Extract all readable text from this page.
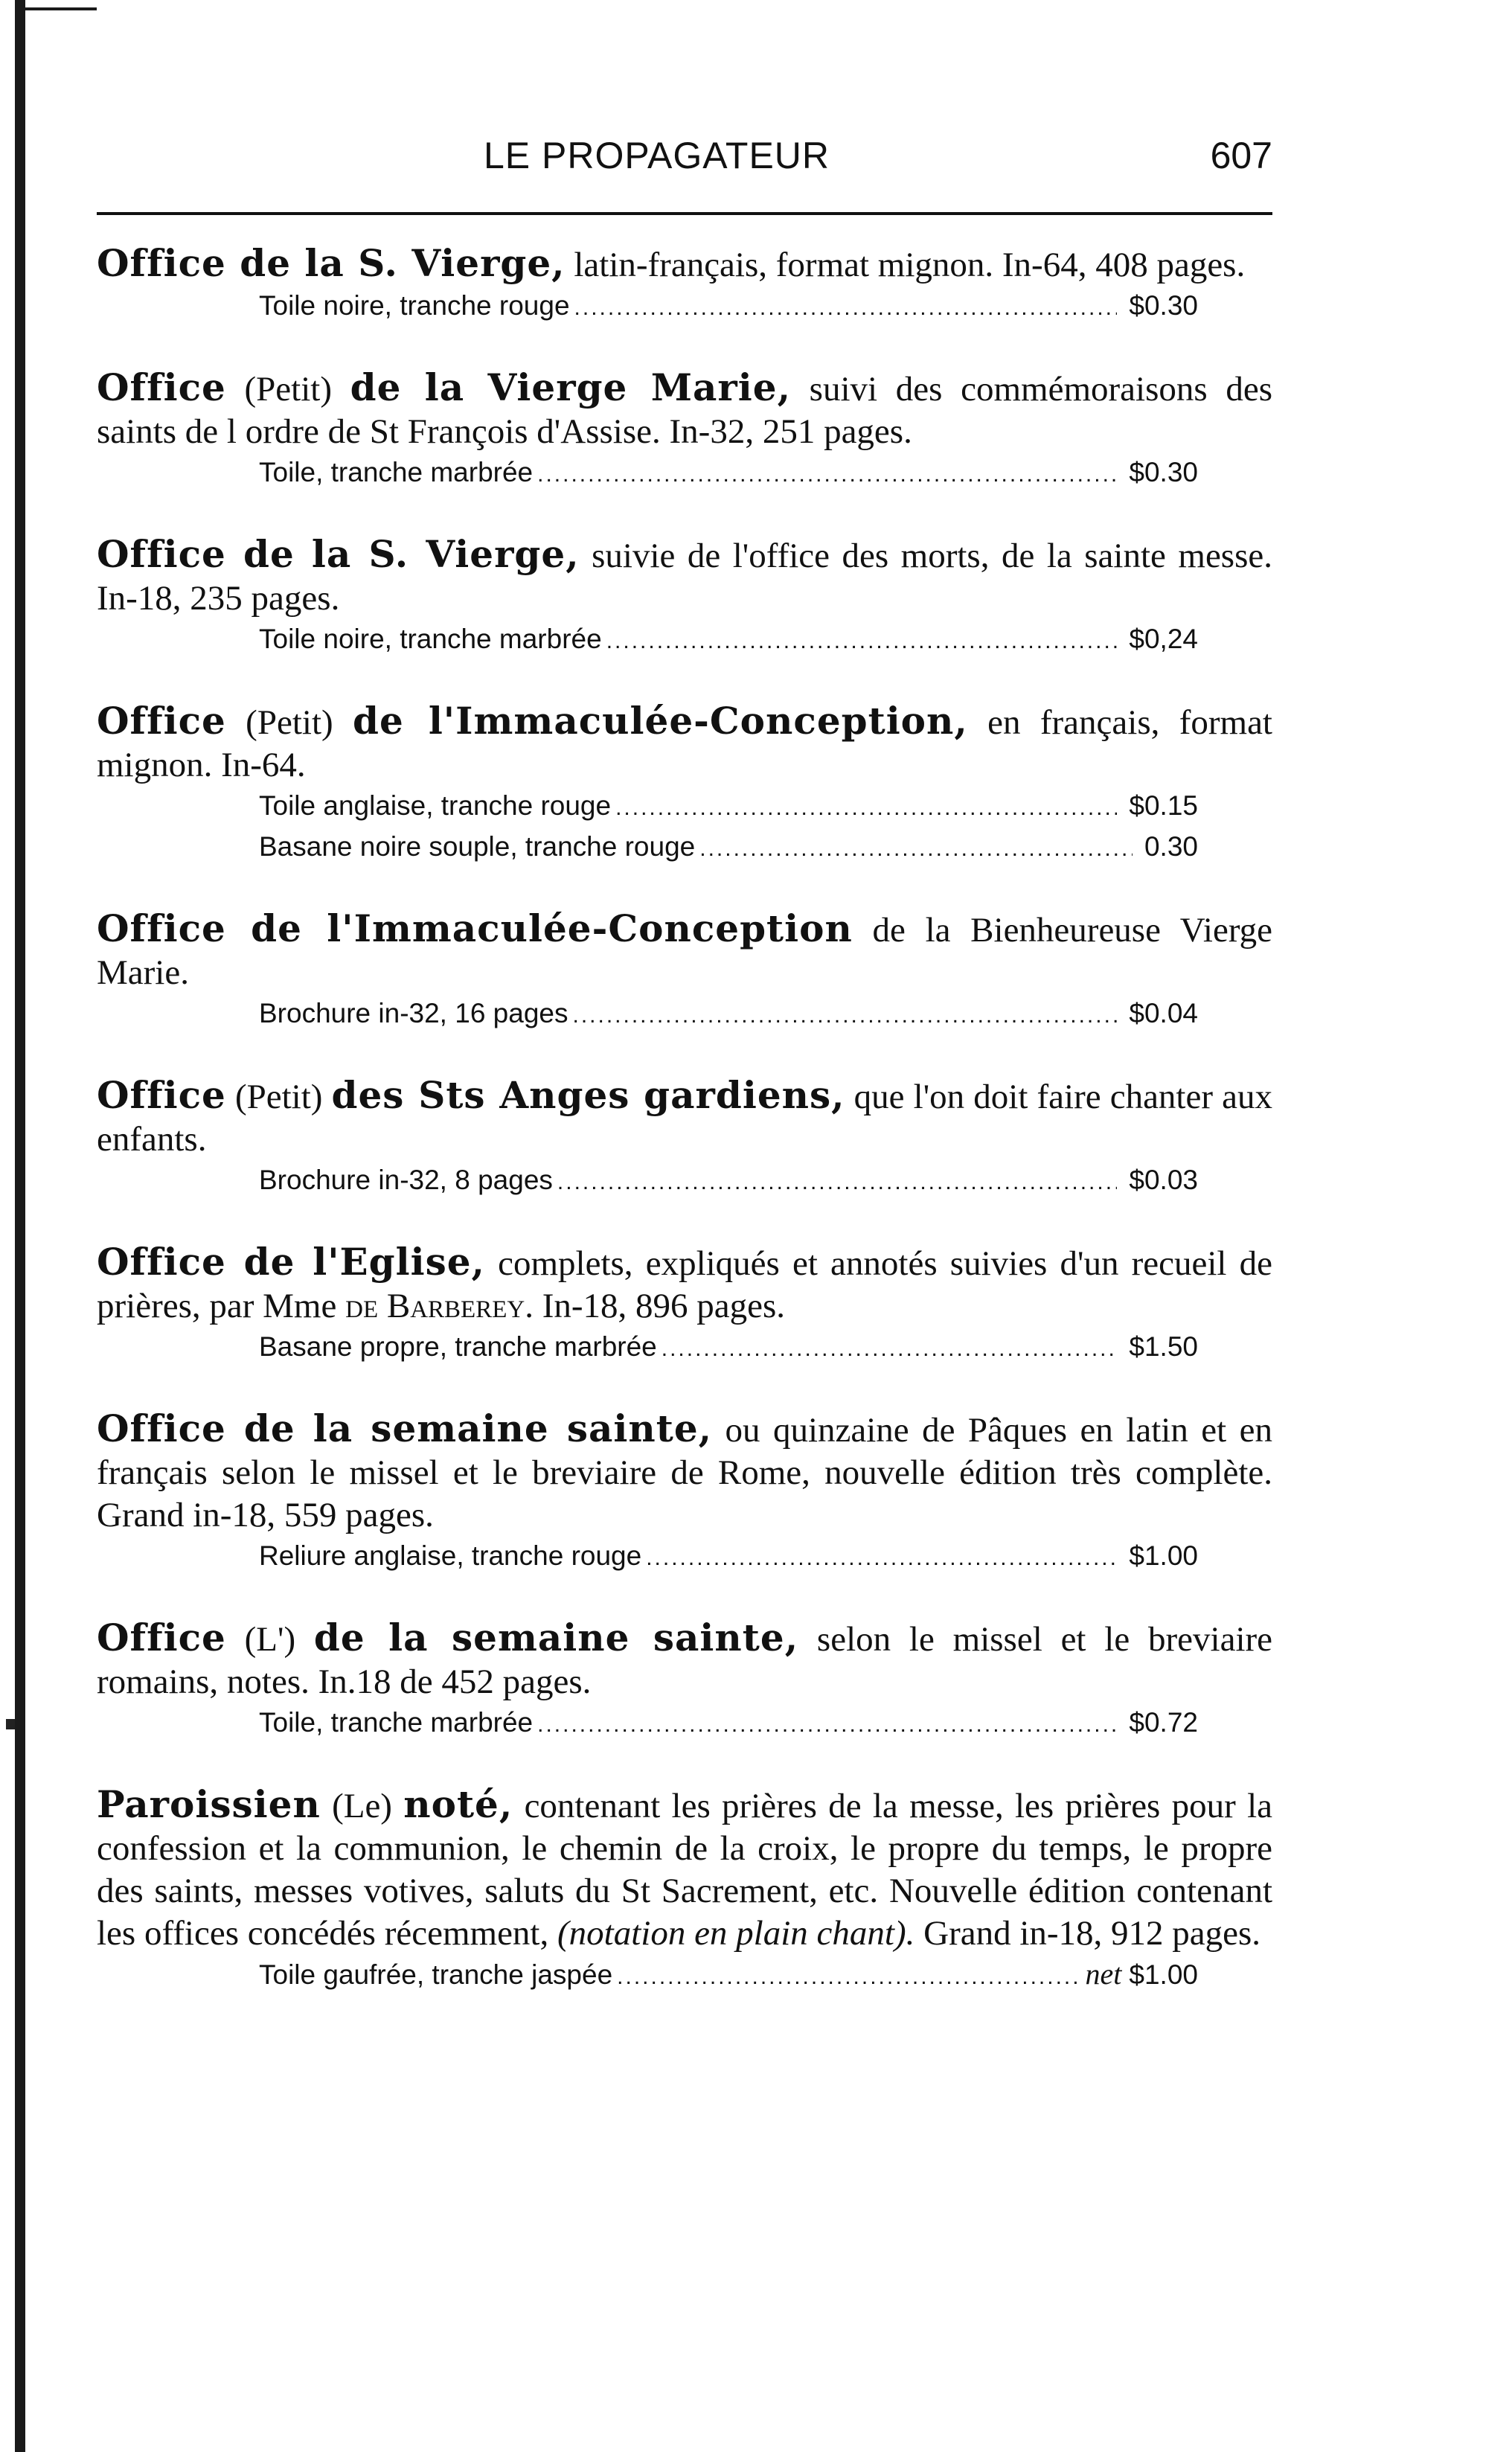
LE PROPAGATEUR	607
Office de la S. Vierge, latin-français, format mignon. In-64, 408 pages.
Toile noire, tranche rouge .....	$0.30
Office (Petit) de la Vierge Marie, suivi des commémoraisons des saints de l ordre de St François d'Assise. In-32, 251 pages.
Toile, tranche marbrée .....	$0.30
Office de la S. Vierge, suivie de l'office des morts, de la sainte messe. In-18, 235 pages.
Toile noire, tranche marbrée .....	$0,24
Office (Petit) de l'Immaculée-Conception, en français, format mignon. In-64.
Toile anglaise, tranche rouge .....	$0.15
Basane noire souple, tranche rouge .....	0.30
Office de l'Immaculée-Conception de la Bienheureuse Vierge Marie.
Brochure in-32, 16 pages .....	$0.04
Office (Petit) des Sts Anges gardiens, que l'on doit faire chanter aux enfants.
Brochure in-32, 8 pages .....	$0.03
Office de l'Eglise, complets, expliqués et annotés suivies d'un recueil de prières, par Mme de Barberey. In-18, 896 pages.
Basane propre, tranche marbrée .....	$1.50
Office de la semaine sainte, ou quinzaine de Pâques en latin et en français selon le missel et le breviaire de Rome, nouvelle édition très complète. Grand in-18, 559 pages.
Reliure anglaise, tranche rouge .....	$1.00
Office (L') de la semaine sainte, selon le missel et le breviaire romains, notes. In.18 de 452 pages.
Toile, tranche marbrée .....	$0.72
Paroissien (Le) noté, contenant les prières de la messe, les prières pour la confession et la communion, le chemin de la croix, le propre du temps, le propre des saints, messes votives, saluts du St Sacrement, etc. Nouvelle édition contenant les offices concédés récemment, (notation en plain chant). Grand in-18, 912 pages.
Toile gaufrée, tranche jaspée .....	net $1.00
